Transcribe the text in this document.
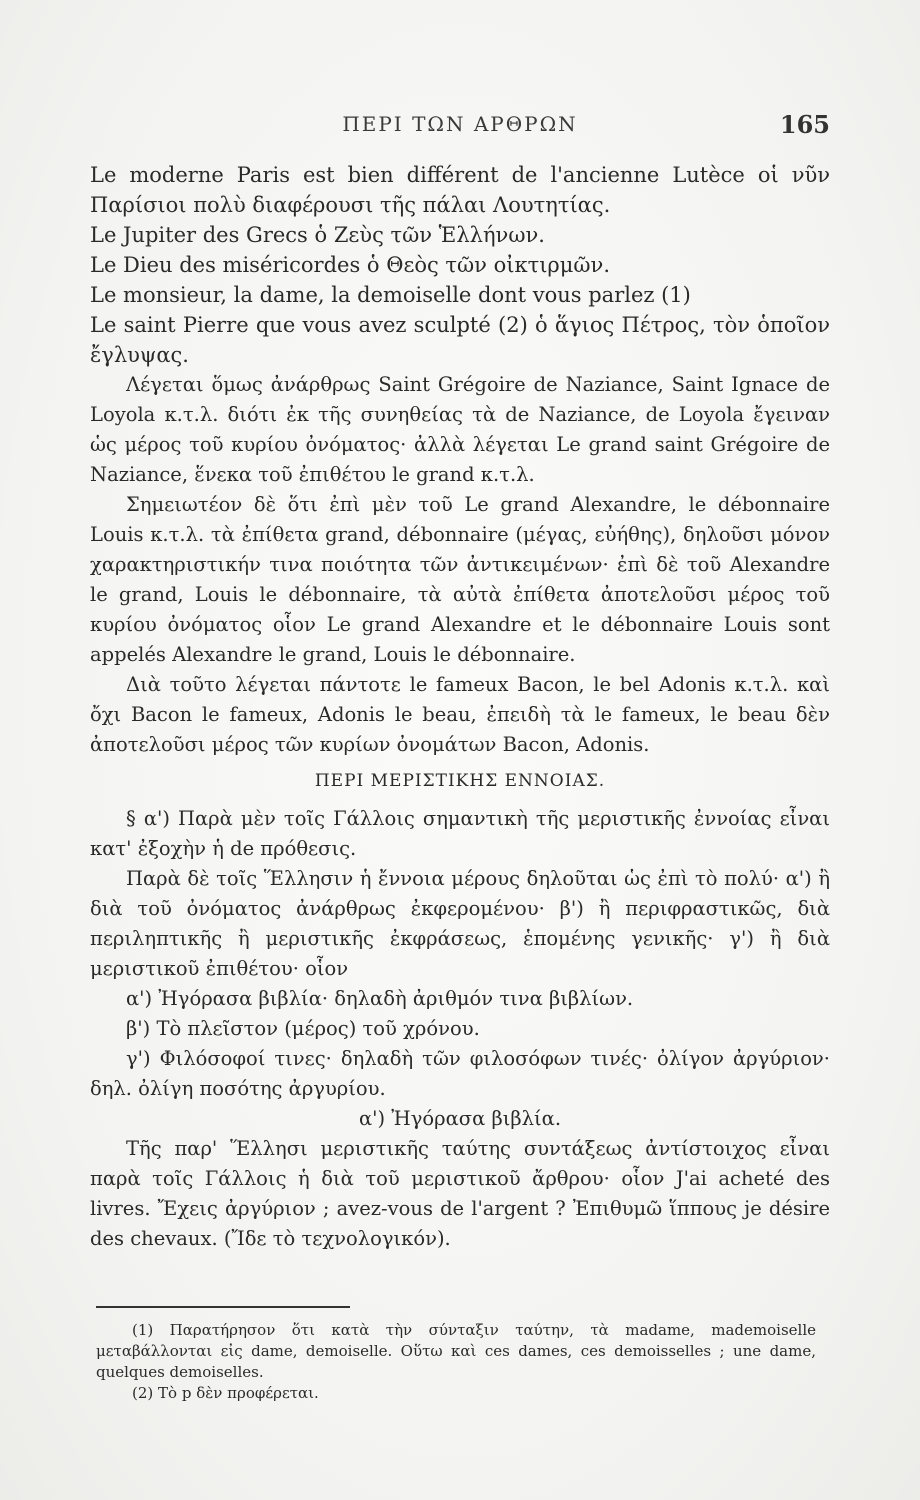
ΠΕΡΙ ΤΩΝ ΑΡΘΡΩΝ	165

Le moderne Paris est bien différent de l'ancienne Lutèce οἱ νῦν Παρίσιοι πολὺ διαφέρουσι τῆς πάλαι Λουτητίας.

Le Jupiter des Grecs ὁ Ζεὺς τῶν Ἑλλήνων.

Le Dieu des miséricordes ὁ Θεὸς τῶν οἰκτιρμῶν.

Le monsieur, la dame, la demoiselle dont vous parlez (1)

Le saint Pierre que vous avez sculpté (2) ὁ ἅγιος Πέτρος, τὸν ὁποῖον ἔγλυψας.

Λέγεται ὅμως ἀνάρθρως Saint Grégoire de Naziance, Saint Ignace de Loyola κ.τ.λ. διότι ἐκ τῆς συνηθείας τὰ de Naziance, de Loyola ἔγειναν ὡς μέρος τοῦ κυρίου ὀνόματος· ἀλλὰ λέγεται Le grand saint Grégoire de Naziance, ἕνεκα τοῦ ἐπιθέτου le grand κ.τ.λ.

Σημειωτέον δὲ ὅτι ἐπὶ μὲν τοῦ Le grand Alexandre, le débonnaire Louis κ.τ.λ. τὰ ἐπίθετα grand, débonnaire (μέγας, εὐήθης), δηλοῦσι μόνον χαρακτηριστικήν τινα ποιότητα τῶν ἀντικειμένων· ἐπὶ δὲ τοῦ Alexandre le grand, Louis le débonnaire, τὰ αὐτὰ ἐπίθετα ἀποτελοῦσι μέρος τοῦ κυρίου ὀνόματος οἷον Le grand Alexandre et le débonnaire Louis sont appelés Alexandre le grand, Louis le débonnaire.

Διὰ τοῦτο λέγεται πάντοτε le fameux Bacon, le bel Adonis κ.τ.λ. καὶ ὄχι Bacon le fameux, Adonis le beau, ἐπειδὴ τὰ le fameux, le beau δὲν ἀποτελοῦσι μέρος τῶν κυρίων ὀνομάτων Bacon, Adonis.

ΠΕΡΙ ΜΕΡΙΣΤΙΚΗΣ ΕΝΝΟΙΑΣ.

§ α') Παρὰ μὲν τοῖς Γάλλοις σημαντικὴ τῆς μεριστικῆς ἐννοίας εἶναι κατ' ἐξοχὴν ἡ de πρόθεσις.

Παρὰ δὲ τοῖς Ἕλλησιν ἡ ἔννοια μέρους δηλοῦται ὡς ἐπὶ τὸ πολύ· α') ἢ διὰ τοῦ ὀνόματος ἀνάρθρως ἐκφερομένου· β') ἢ περιφραστικῶς, διὰ περιληπτικῆς ἢ μεριστικῆς ἐκφράσεως, ἑπομένης γενικῆς· γ') ἢ διὰ μεριστικοῦ ἐπιθέτου· οἷον

α') Ἠγόρασα βιβλία· δηλαδὴ ἀριθμόν τινα βιβλίων.

β') Τὸ πλεῖστον (μέρος) τοῦ χρόνου.

γ') Φιλόσοφοί τινες· δηλαδὴ τῶν φιλοσόφων τινές· ὀλίγον ἀργύριον· δηλ. ὀλίγη ποσότης ἀργυρίου.

α') Ἠγόρασα βιβλία.

Τῆς παρ' Ἕλλησι μεριστικῆς ταύτης συντάξεως ἀντίστοιχος εἶναι παρὰ τοῖς Γάλλοις ἡ διὰ τοῦ μεριστικοῦ ἄρθρου· οἷον J'ai acheté des livres. Ἔχεις ἀργύριον ; avez-vous de l'argent ? Ἐπιθυμῶ ἵππους je désire des chevaux. (Ἴδε τὸ τεχνολογικόν).

(1) Παρατήρησον ὅτι κατὰ τὴν σύνταξιν ταύτην, τὰ madame, mademoiselle μεταβάλλονται εἰς dame, demoiselle. Οὕτω καὶ ces dames, ces demoisselles ; une dame, quelques demoiselles.

(2) Τὸ p δὲν προφέρεται.
